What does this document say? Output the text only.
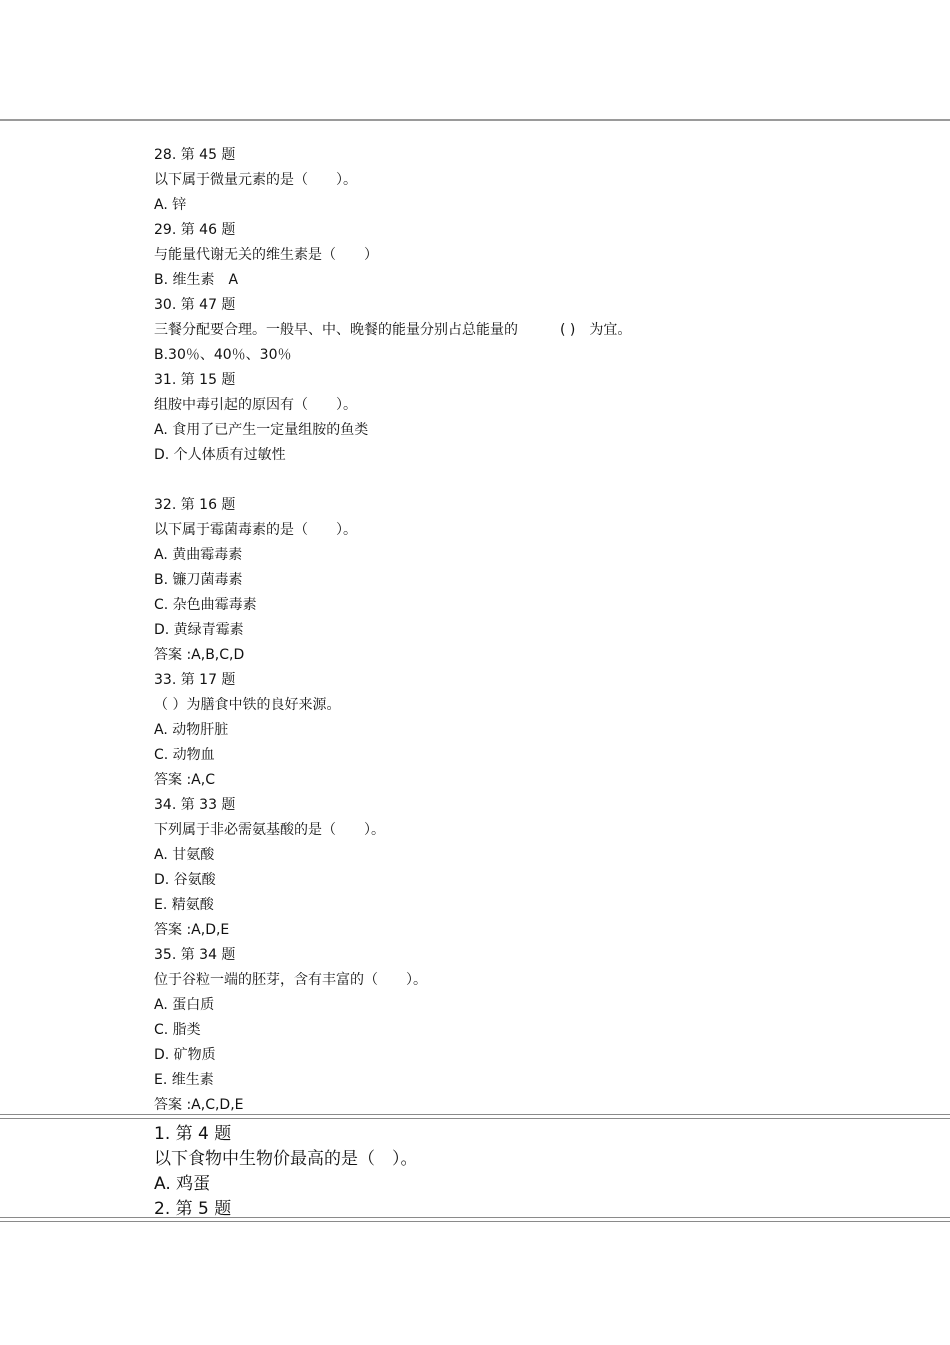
28. 第 45 题
以下属于微量元素的是（　　）。
A. 锌
29. 第 46 题
与能量代谢无关的维生素是（　　）
B. 维生素　A
30. 第 47 题
三餐分配要合理。一般早、中、晚餐的能量分别占总能量的　　　( )　为宜。
B.30％、40％、30％
31. 第 15 题
组胺中毒引起的原因有（　　）。
A. 食用了已产生一定量组胺的鱼类
D. 个人体质有过敏性
32. 第 16 题
以下属于霉菌毒素的是（　　）。
A. 黄曲霉毒素
B. 镰刀菌毒素
C. 杂色曲霉毒素
D. 黄绿青霉素
答案 :A,B,C,D
33. 第 17 题
（ ）为膳食中铁的良好来源。
A. 动物肝脏
C. 动物血
答案 :A,C
34. 第 33 题
下列属于非必需氨基酸的是（　　）。
A. 甘氨酸
D. 谷氨酸
E. 精氨酸
答案 :A,D,E
35. 第 34 题
位于谷粒一端的胚芽，含有丰富的（　　）。
A. 蛋白质
C. 脂类
D. 矿物质
E. 维生素
答案 :A,C,D,E
1. 第 4 题
以下食物中生物价最高的是（　）。
A. 鸡蛋
2. 第 5 题
